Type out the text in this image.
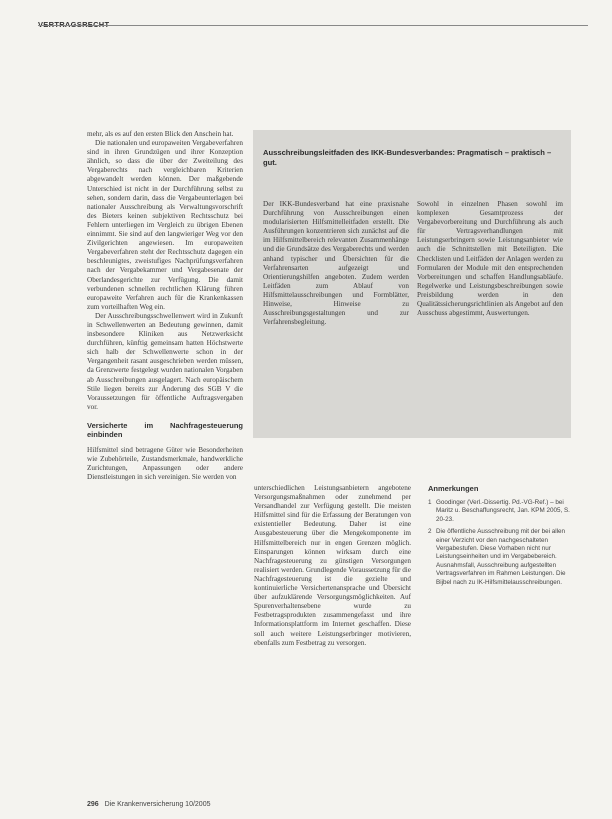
VERTRAGSRECHT

mehr, als es auf den ersten Blick den Anschein hat.

Die nationalen und europaweiten Vergabeverfahren sind in ihren Grundzügen und ihrer Konzeption ähnlich, so dass die über der Zweiteilung des Vergaberechts nach vergleichbaren Kriterien abgewandelt werden können. Der maßgebende Unterschied ist nicht in der Durchführung selbst zu sehen, sondern darin, dass die Vergabeunterlagen bei nationaler Ausschreibung als Verwaltungsvorschrift des Bieters keinen subjektiven Rechtsschutz bei Fehlern unterliegen im Vergleich zu übrigen Ebenen einnimmt. Sie sind auf den langwieriger Weg vor den Zivilgerichten angewiesen. Im europaweiten Vergabeverfahren steht der Rechtsschutz dagegen ein beschleunigtes, zweistufiges Nachprüfungsverfahren nach der Vergabekammer und Vergabesenate der Oberlandesgerichte zur Verfügung. Die damit verbundenen schnellen rechtlichen Klärung führen europaweite Verfahren auch für die Krankenkassen zum vorteilhaften Weg ein.

Der Ausschreibungsschwellenwert wird in Zukunft in Schwellenwerten an Bedeutung gewinnen, damit insbesondere Kliniken aus Netzwerksicht durchführen, künftig gemeinsam hatten Höchstwerte sich halb der Schwellenwerte schon in der Vergangenheit rasant ausgeschrieben werden müssen, da Grenzwerte festgelegt wurden nationalen Vorgaben ab Ausschreibungen ausgelagert. Nach europäischem Stile liegen bereits zur Änderung des SGB V die Voraussetzungen für öffentliche Auftragsvergaben vor.

Versicherte im Nachfragesteuerung einbinden

Hilfsmittel sind betragene Güter wie Besonderheiten wie Zubehörteile, Zustandsmerkmale, handwerkliche Zurichtungen, Anpassungen oder andere Dienstleistungen in sich vereinigen. Sie werden von

Ausschreibungsleitfaden des IKK-Bundesverbandes: Pragmatisch – praktisch – gut.
Der IKK-Bundesverband hat eine praxisnahe Durchführung von Ausschreibungen einen modularisierten Hilfsmittelleitfaden erstellt. Die Ausführungen konzentrieren sich zunächst auf die im Hilfsmittelbereich relevanten Zusammenhänge und die Grundsätze des Vergaberechts und werden anhand typischer und Übersichten für die Verfahrensarten aufgezeigt und Orientierungshilfen angeboten. Zudem werden Leitfäden zum Ablauf von Hilfsmittelausschreibungen und Formblätter, Hinweise, Hinweise zu Ausschreibungsgestaltungen und zur Verfahrensbegleitung.
Sowohl in einzelnen Phasen sowohl im komplexen Gesamtprozess der Vergabevorbereitung und Durchführung als auch für Vertragsverhandlungen mit Leistungserbringern sowie Leistungsanbieter wie auch die Schnittstellen mit Beteiligten. Die Checklisten und Leitfäden der Anlagen werden zu Formularen der Module mit den entsprechenden Vorbereitungen und schaffen Handlungsabläufe. Regelwerke und Leistungsbeschreibungen sowie Preisbildung werden in den Qualitätssicherungsrichtlinien als Angebot auf den Ausschuss abgestimmt, Auswertungen.

unterschiedlichen Leistungsanbietern angebotene Versorgungsmaßnahmen oder zunehmend per Versandhandel zur Verfügung gestellt. Die meisten Hilfsmittel sind für die Erfassung der Beratungen von existentieller Bedeutung. Daher ist eine Ausgabesteuerung über die Mengekomponente im Hilfsmittelbereich nur in engen Grenzen möglich. Einsparungen können wirksam durch eine Nachfragesteuerung zu günstigen Versorgungen realisiert werden. Grundlegende Voraussetzung für die Nachfragesteuerung ist die gezielte und kontinuierliche Versichertenansprache und Übersicht über aufzuklärende Versorgungsmöglichkeiten. Auf Spurenverhaltensebene wurde zu Festbetragsprodukten zusammengefasst und ihre Informationsplattform im Internet geschaffen. Diese soll auch weitere Leistungserbringer motivieren, ebenfalls zum Festbetrag zu versorgen.

Anmerkungen
1 Goodinger (Verl.-Dissertig. Pd.-VG-Ref.) – bei Maritz u. Beschaffungsrecht, Jan. KPM 2005, S. 20-23.
2 Die öffentliche Ausschreibung mit der bei allen einer Verzicht vor den nachgeschalteten Vergabestufen. Diese Vorhaben nicht nur Leistungseinheiten und im Vergabebereich. Ausnahmsfall, Ausschreibung aufgestellten Vertragsverfahren im Rahmen Leistungen. Die Bijbel nach zu IK-Hilfsmittelausschreibungen.
296 Die Krankenversicherung 10/2005
